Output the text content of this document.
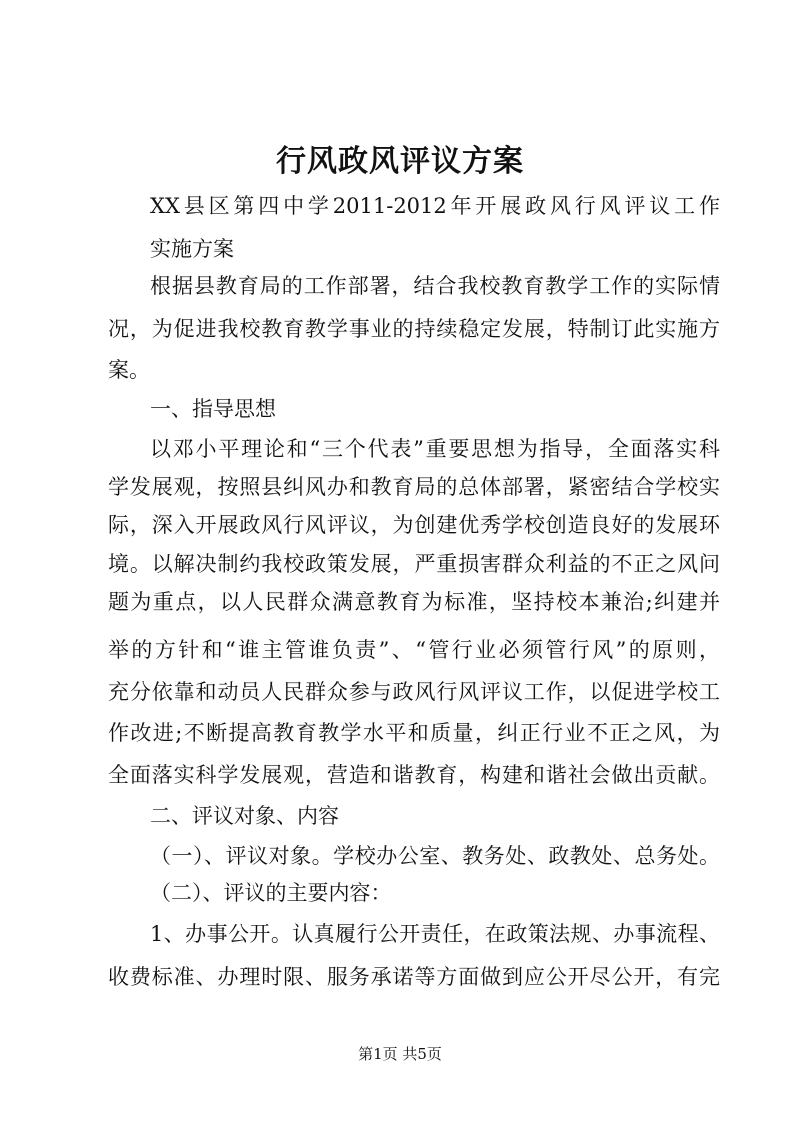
行风政风评议方案
XX县区第四中学2011-2012年开展政风行风评议工作
实施方案
根据县教育局的工作部署，结合我校教育教学工作的实际情
况，为促进我校教育教学事业的持续稳定发展，特制订此实施方
案。
一、指导思想
以邓小平理论和“三个代表”重要思想为指导，全面落实科
学发展观，按照县纠风办和教育局的总体部署，紧密结合学校实
际，深入开展政风行风评议，为创建优秀学校创造良好的发展环
境。以解决制约我校政策发展，严重损害群众利益的不正之风问
题为重点，以人民群众满意教育为标准，坚持校本兼治;纠建并
举的方针和“谁主管谁负责”、“管行业必须管行风”的原则，
充分依靠和动员人民群众参与政风行风评议工作，以促进学校工
作改进;不断提高教育教学水平和质量，纠正行业不正之风，为
全面落实科学发展观，营造和谐教育，构建和谐社会做出贡献。
二、评议对象、内容
（一）、评议对象。学校办公室、教务处、政教处、总务处。
（二）、评议的主要内容：
1、办事公开。认真履行公开责任，在政策法规、办事流程、
收费标准、办理时限、服务承诺等方面做到应公开尽公开，有完
第1页 共5页
